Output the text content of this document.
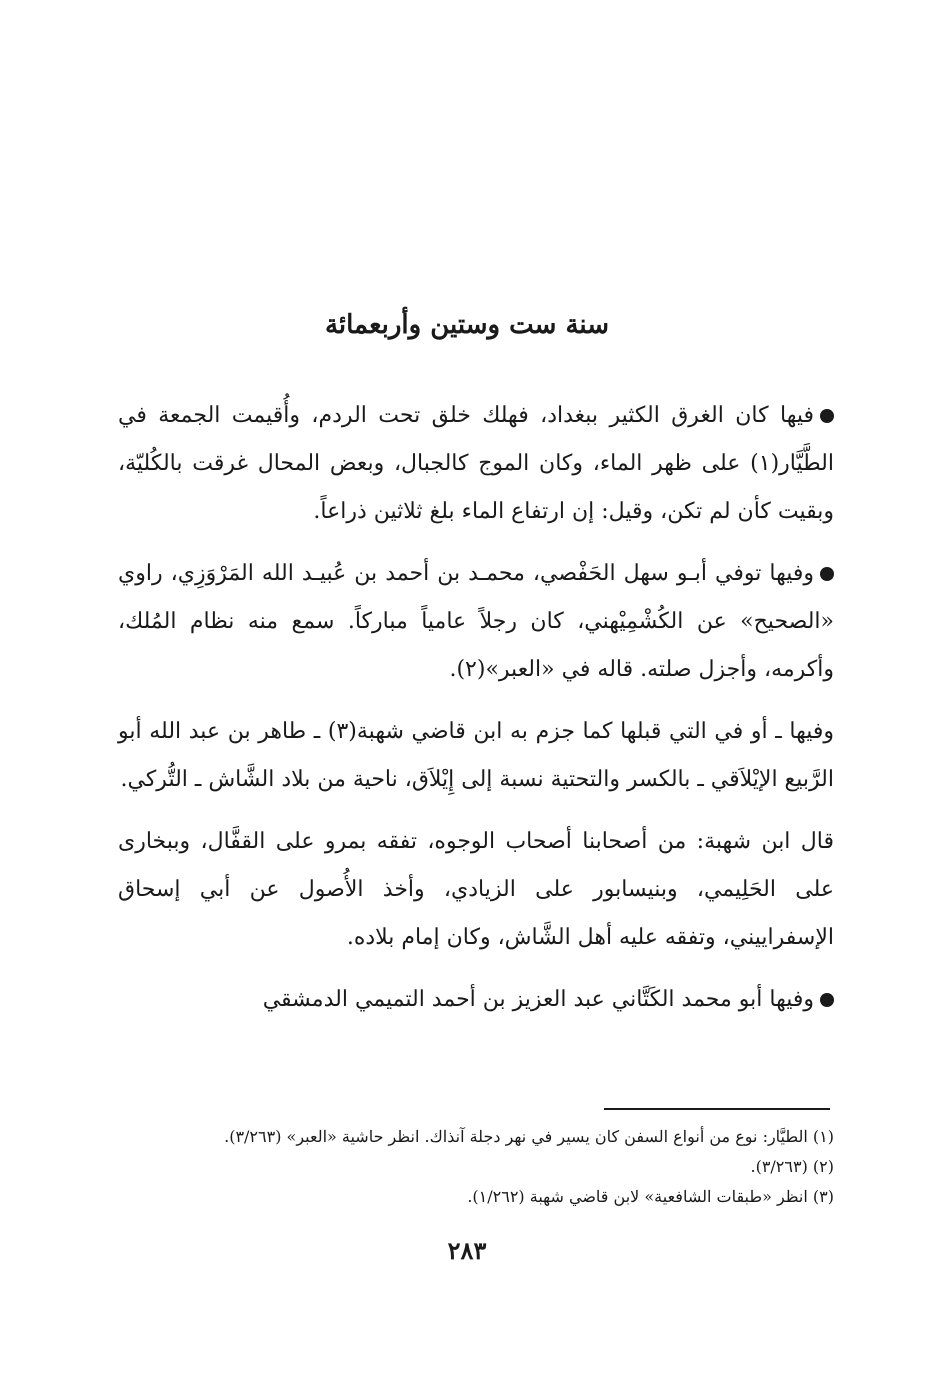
سنة ست وستين وأربعمائة

فيها كان الغرق الكثير ببغداد، فهلك خلق تحت الردم، وأُقيمت الجمعة في الطَّيَّار(١) على ظهر الماء، وكان الموج كالجبال، وبعض المحال غرقت بالكُليّة، وبقيت كأن لم تكن، وقيل: إن ارتفاع الماء بلغ ثلاثين ذراعاً.

وفيها توفي أبـو سهل الحَفْصي، محمـد بن أحمد بن عُبيـد الله المَرْوَزِي، راوي «الصحيح» عن الكُشْمِيْهني، كان رجلاً عامياً مباركاً. سمع منه نظام المُلك، وأكرمه، وأجزل صلته. قاله في «العبر»(٢).

وفيها ـ أو في التي قبلها كما جزم به ابن قاضي شهبة(٣) ـ طاهر بن عبد الله أبو الرَّبيع الإيْلاَقي ـ بالكسر والتحتية نسبة إلى إِيْلاَق، ناحية من بلاد الشَّاش ـ التُّركي.

قال ابن شهبة: من أصحابنا أصحاب الوجوه، تفقه بمرو على القفَّال، وببخارى على الحَلِيمي، وبنيسابور على الزيادي، وأخذ الأُصول عن أبي إسحاق الإسفراييني، وتفقه عليه أهل الشَّاش، وكان إمام بلاده.

وفيها أبو محمد الكَتَّاني عبد العزيز بن أحمد التميمي الدمشقي

(١) الطيَّار: نوع من أنواع السفن كان يسير في نهر دجلة آنذاك. انظر حاشية «العبر» (٣/٢٦٣).

(٢) (٣/٢٦٣).

(٣) انظر «طبقات الشافعية» لابن قاضي شهبة (١/٢٦٢).

٢٨٣
